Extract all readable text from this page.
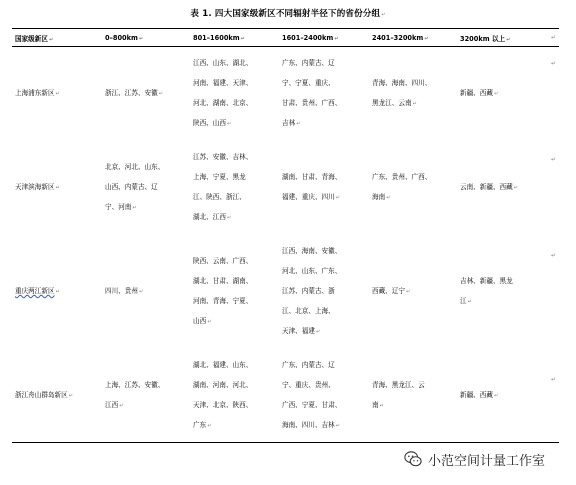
表 1. 四大国家级新区不同辐射半径下的省份分组↵
国家级新区↵	0–800km↵	801–1600km↵	1601–2400km↵	2401–3200km↵	3200km 以上↵
上海浦东新区↵	浙江、江苏、安徽↵	江西、山东、湖北、
河南、福建、天津、
河北、湖南、北京、
陕西、山西↵	广东、内蒙古、辽
宁、宁夏、重庆、
甘肃、贵州、广西、
吉林↵	青海、海南、四川、
黑龙江、云南↵	新疆、西藏↵

天津滨海新区↵	北京、河北、山东、
山西、内蒙古、辽
宁、河南↵	江苏、安徽、吉林、
上海、宁夏、黑龙
江、陕西、浙江、
湖北、江西↵	湖南、甘肃、青海、
福建、重庆、四川↵	广东、贵州、广西、
海南↵	云南、新疆、西藏↵

重庆两江新区↵	四川、贵州↵	陕西、云南、广西、
湖北、甘肃、湖南、
河南、青海、宁夏、
山西↵	江西、海南、安徽、
河北、山东、广东、
江苏、内蒙古、浙
江、北京、上海、
天津、福建↵	西藏、辽宁↵	吉林、新疆、黑龙
江↵

浙江舟山群岛新区↵	上海、江苏、安徽、
江西↵	湖北、福建、山东、
湖南、河南、河北、
天津、北京、陕西、
广东↵	广东、内蒙古、辽
宁、重庆、贵州、
广西、宁夏、甘肃、
海南、四川、吉林↵	青海、黑龙江、云
南↵	新疆、西藏↵
↵
↵
↵
↵
↵
小范空间计量工作室
